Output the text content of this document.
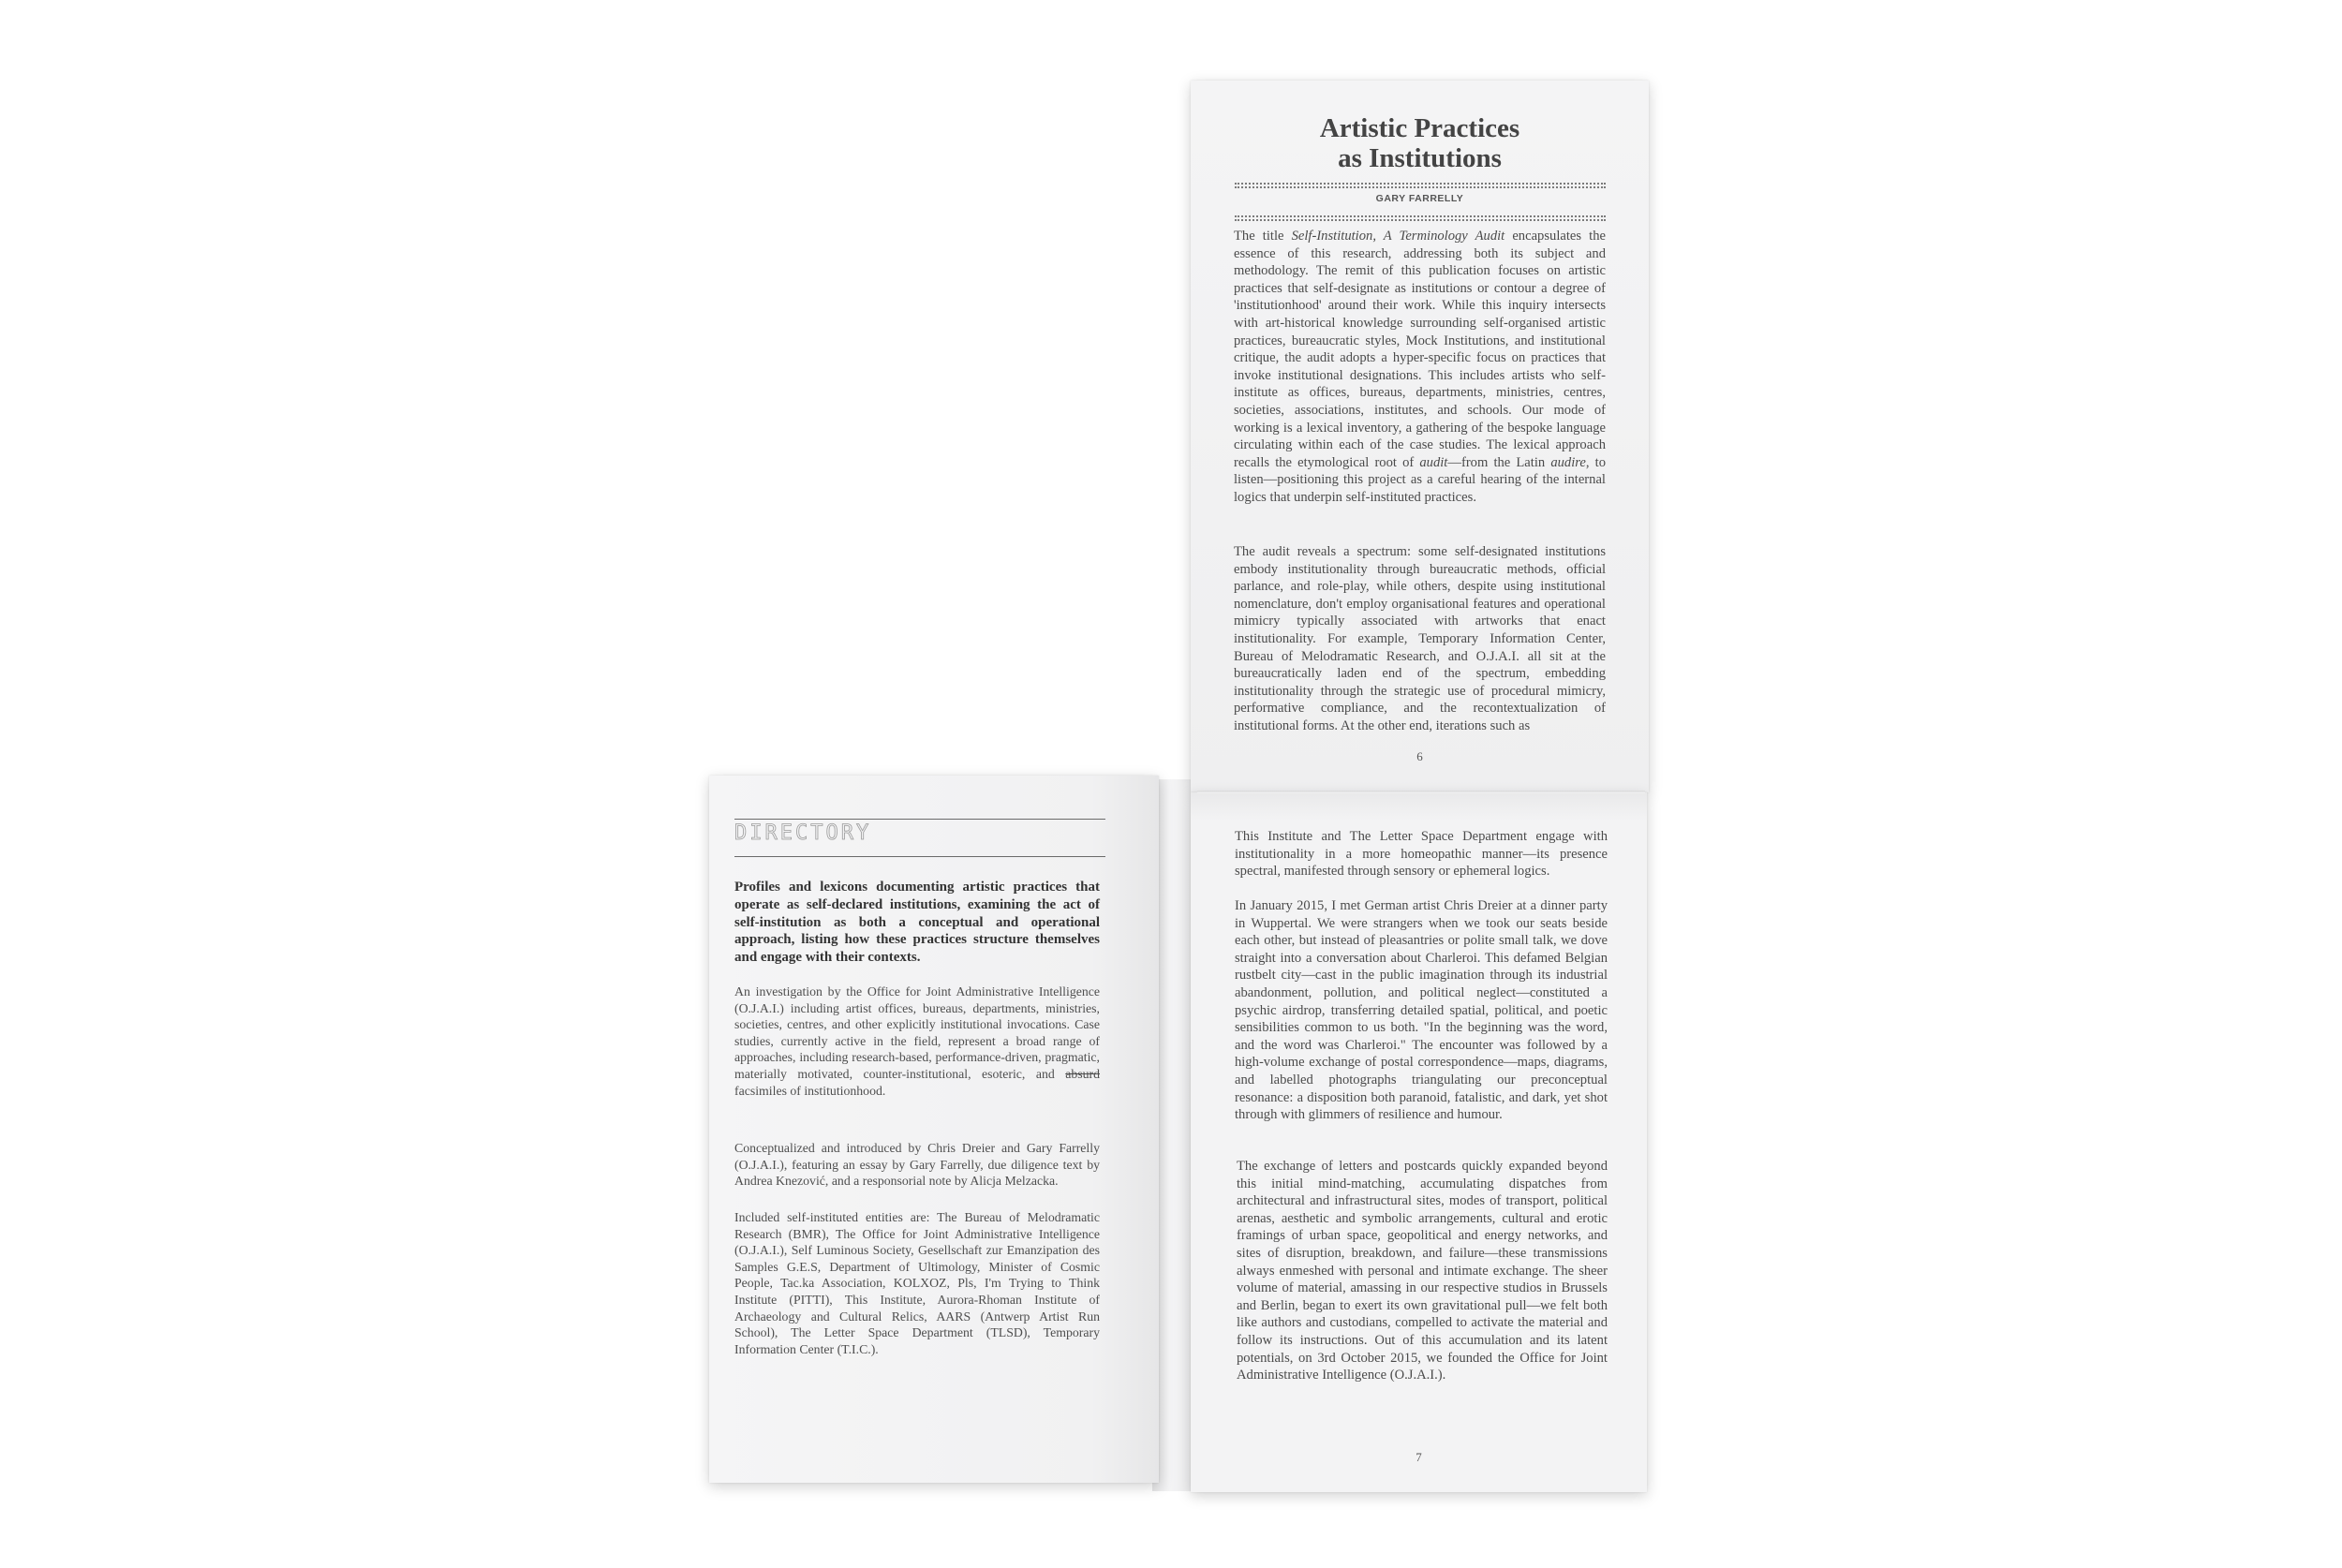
DIRECTORY
Profiles and lexicons documenting artistic practices that operate as self-declared institutions, examining the act of self-institution as both a conceptual and operational approach, listing how these practices structure themselves and engage with their contexts.
An investigation by the Office for Joint Administrative Intelligence (O.J.A.I.) including artist offices, bureaus, departments, ministries, societies, centres, and other explicitly institutional invocations. Case studies, currently active in the field, represent a broad range of approaches, including research-based, performance-driven, pragmatic, materially motivated, counter-institutional, esoteric, and absurd facsimiles of institutionhood.
Conceptualized and introduced by Chris Dreier and Gary Farrelly (O.J.A.I.), featuring an essay by Gary Farrelly, due diligence text by Andrea Knezović, and a responsorial note by Alicja Melzacka.
Included self-instituted entities are: The Bureau of Melodramatic Research (BMR), The Office for Joint Administrative Intelligence (O.J.A.I.), Self Luminous Society, Gesellschaft zur Emanzipation des Samples G.E.S, Department of Ultimology, Minister of Cosmic People, Tac.ka Association, KOLXOZ, Pls, I'm Trying to Think Institute (PITTI), This Institute, Aurora-Rhoman Institute of Archaeology and Cultural Relics, AARS (Antwerp Artist Run School), The Letter Space Department (TLSD), Temporary Information Center (T.I.C.).
Artistic Practices
as Institutions
GARY FARRELLY
The title Self-Institution, A Terminology Audit encapsulates the essence of this research, addressing both its subject and methodology. The remit of this publication focuses on artistic practices that self-designate as institutions or contour a degree of 'institutionhood' around their work. While this inquiry intersects with art-historical knowledge surrounding self-organised artistic practices, bureaucratic styles, Mock Institutions, and institutional critique, the audit adopts a hyper-specific focus on practices that invoke institutional designations. This includes artists who self-institute as offices, bureaus, departments, ministries, centres, societies, associations, institutes, and schools. Our mode of working is a lexical inventory, a gathering of the bespoke language circulating within each of the case studies. The lexical approach recalls the etymological root of audit—from the Latin audire, to listen—positioning this project as a careful hearing of the internal logics that underpin self-instituted practices.
The audit reveals a spectrum: some self-designated institutions embody institutionality through bureaucratic methods, official parlance, and role-play, while others, despite using institutional nomenclature, don't employ organisational features and operational mimicry typically associated with artworks that enact institutionality. For example, Temporary Information Center, Bureau of Melodramatic Research, and O.J.A.I. all sit at the bureaucratically laden end of the spectrum, embedding institutionality through the strategic use of procedural mimicry, performative compliance, and the recontextualization of institutional forms. At the other end, iterations such as
6
This Institute and The Letter Space Department engage with institutionality in a more homeopathic manner—its presence spectral, manifested through sensory or ephemeral logics.
In January 2015, I met German artist Chris Dreier at a dinner party in Wuppertal. We were strangers when we took our seats beside each other, but instead of pleasantries or polite small talk, we dove straight into a conversation about Charleroi. This defamed Belgian rustbelt city—cast in the public imagination through its industrial abandonment, pollution, and political neglect—constituted a psychic airdrop, transferring detailed spatial, political, and poetic sensibilities common to us both. "In the beginning was the word, and the word was Charleroi." The encounter was followed by a high-volume exchange of postal correspondence—maps, diagrams, and labelled photographs triangulating our preconceptual resonance: a disposition both paranoid, fatalistic, and dark, yet shot through with glimmers of resilience and humour.
The exchange of letters and postcards quickly expanded beyond this initial mind-matching, accumulating dispatches from architectural and infrastructural sites, modes of transport, political arenas, aesthetic and symbolic arrangements, cultural and erotic framings of urban space, geopolitical and energy networks, and sites of disruption, breakdown, and failure—these transmissions always enmeshed with personal and intimate exchange. The sheer volume of material, amassing in our respective studios in Brussels and Berlin, began to exert its own gravitational pull—we felt both like authors and custodians, compelled to activate the material and follow its instructions. Out of this accumulation and its latent potentials, on 3rd October 2015, we founded the Office for Joint Administrative Intelligence (O.J.A.I.).
7
